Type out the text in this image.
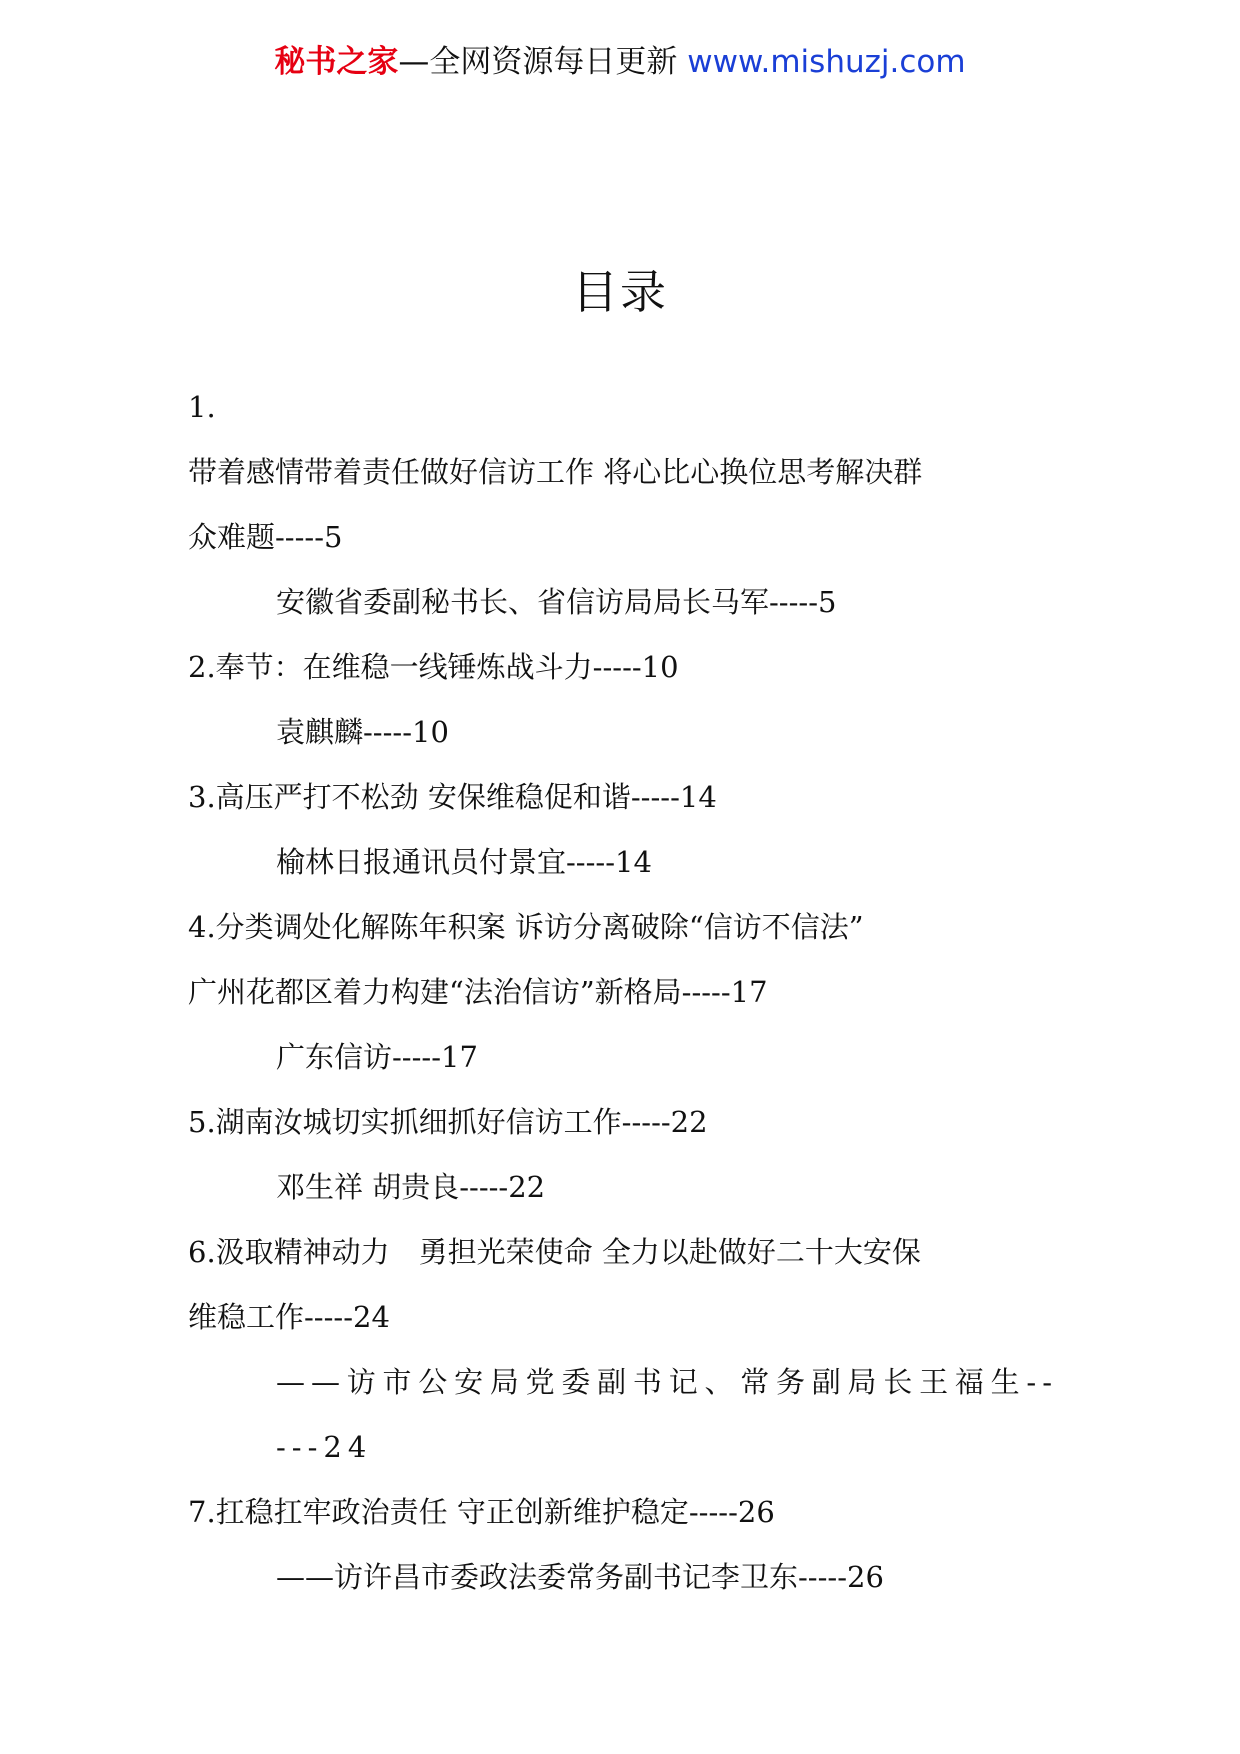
秘书之家—全网资源每日更新 www.mishuzj.com
目录
1.
带着感情带着责任做好信访工作 将心比心换位思考解决群
众难题-----5
安徽省委副秘书长、省信访局局长马军-----5
2.奉节：在维稳一线锤炼战斗力-----10
袁麒麟-----10
3.高压严打不松劲 安保维稳促和谐-----14
榆林日报通讯员付景宜-----14
4.分类调处化解陈年积案 诉访分离破除“信访不信法”
广州花都区着力构建“法治信访”新格局-----17
广东信访-----17
5.湖南汝城切实抓细抓好信访工作-----22
邓生祥 胡贵良-----22
6.汲取精神动力　勇担光荣使命 全力以赴做好二十大安保
维稳工作-----24
——访市公安局党委副书记、常务副局长王福生-----24
7.扛稳扛牢政治责任 守正创新维护稳定-----26
——访许昌市委政法委常务副书记李卫东-----26
